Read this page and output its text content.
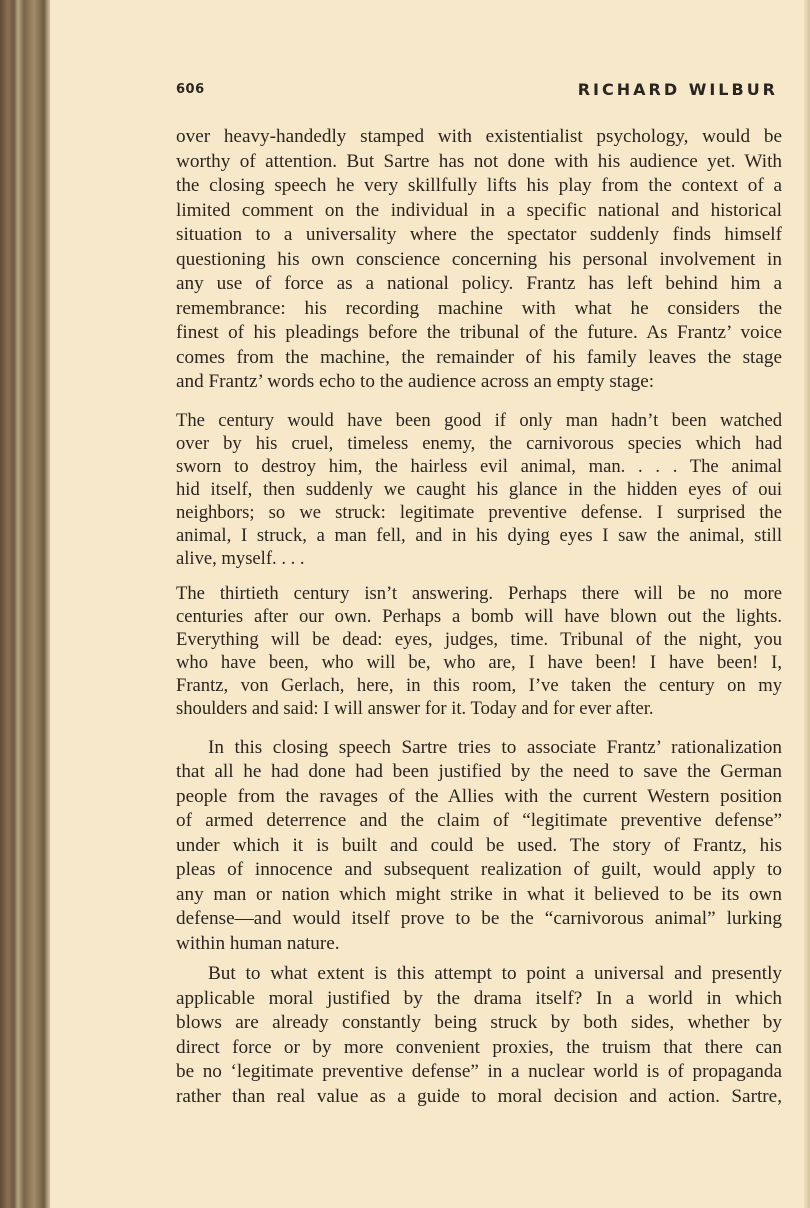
606	RICHARD WILBUR
over heavy-handedly stamped with existentialist psychology, would be
worthy of attention. But Sartre has not done with his audience yet. With
the closing speech he very skillfully lifts his play from the context of a
limited comment on the individual in a specific national and historical
situation to a universality where the spectator suddenly finds himself
questioning his own conscience concerning his personal involvement in
any use of force as a national policy. Frantz has left behind him a
remembrance: his recording machine with what he considers the
finest of his pleadings before the tribunal of the future. As Frantz’ voice
comes from the machine, the remainder of his family leaves the stage
and Frantz’ words echo to the audience across an empty stage:
The century would have been good if only man hadn’t been watched
over by his cruel, timeless enemy, the carnivorous species which had
sworn to destroy him, the hairless evil animal, man. . . . The animal
hid itself, then suddenly we caught his glance in the hidden eyes of oui
neighbors; so we struck: legitimate preventive defense. I surprised the
animal, I struck, a man fell, and in his dying eyes I saw the animal, still
alive, myself. . . .
The thirtieth century isn’t answering. Perhaps there will be no more
centuries after our own. Perhaps a bomb will have blown out the lights.
Everything will be dead: eyes, judges, time. Tribunal of the night, you
who have been, who will be, who are, I have been! I have been! I,
Frantz, von Gerlach, here, in this room, I’ve taken the century on my
shoulders and said: I will answer for it. Today and for ever after.
In this closing speech Sartre tries to associate Frantz’ rationalization
that all he had done had been justified by the need to save the German
people from the ravages of the Allies with the current Western position
of armed deterrence and the claim of “legitimate preventive defense”
under which it is built and could be used. The story of Frantz, his
pleas of innocence and subsequent realization of guilt, would apply to
any man or nation which might strike in what it believed to be its own
defense—and would itself prove to be the “carnivorous animal” lurking
within human nature.
But to what extent is this attempt to point a universal and presently
applicable moral justified by the drama itself? In a world in which
blows are already constantly being struck by both sides, whether by
direct force or by more convenient proxies, the truism that there can
be no ‘legitimate preventive defense” in a nuclear world is of propaganda
rather than real value as a guide to moral decision and action. Sartre,
